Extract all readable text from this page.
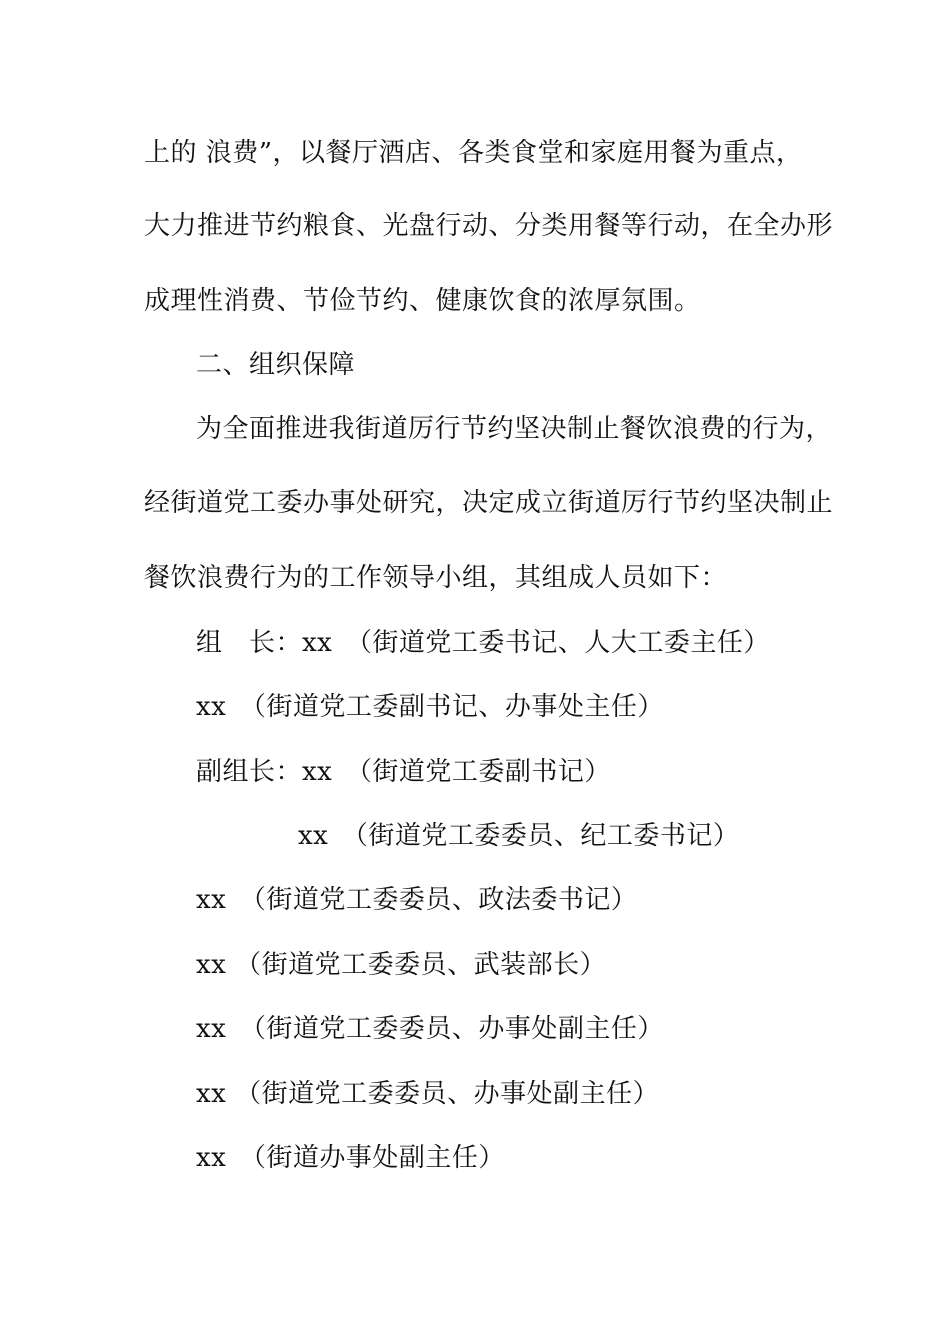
上的 浪费”，以餐厅酒店、各类食堂和家庭用餐为重点，
大力推进节约粮食、光盘行动、分类用餐等行动，在全办形
成理性消费、节俭节约、健康饮食的浓厚氛围。
二、组织保障
为全面推进我街道厉行节约坚决制止餐饮浪费的行为，
经街道党工委办事处研究，决定成立街道厉行节约坚决制止
餐饮浪费行为的工作领导小组，其组成人员如下：
组　长：xx　（街道党工委书记、人大工委主任）
xx　（街道党工委副书记、办事处主任）
副组长：xx　（街道党工委副书记）
xx　（街道党工委委员、纪工委书记）
xx　（街道党工委委员、政法委书记）
xx （街道党工委委员、武装部长）
xx　（街道党工委委员、办事处副主任）
xx （街道党工委委员、办事处副主任）
xx　（街道办事处副主任）
